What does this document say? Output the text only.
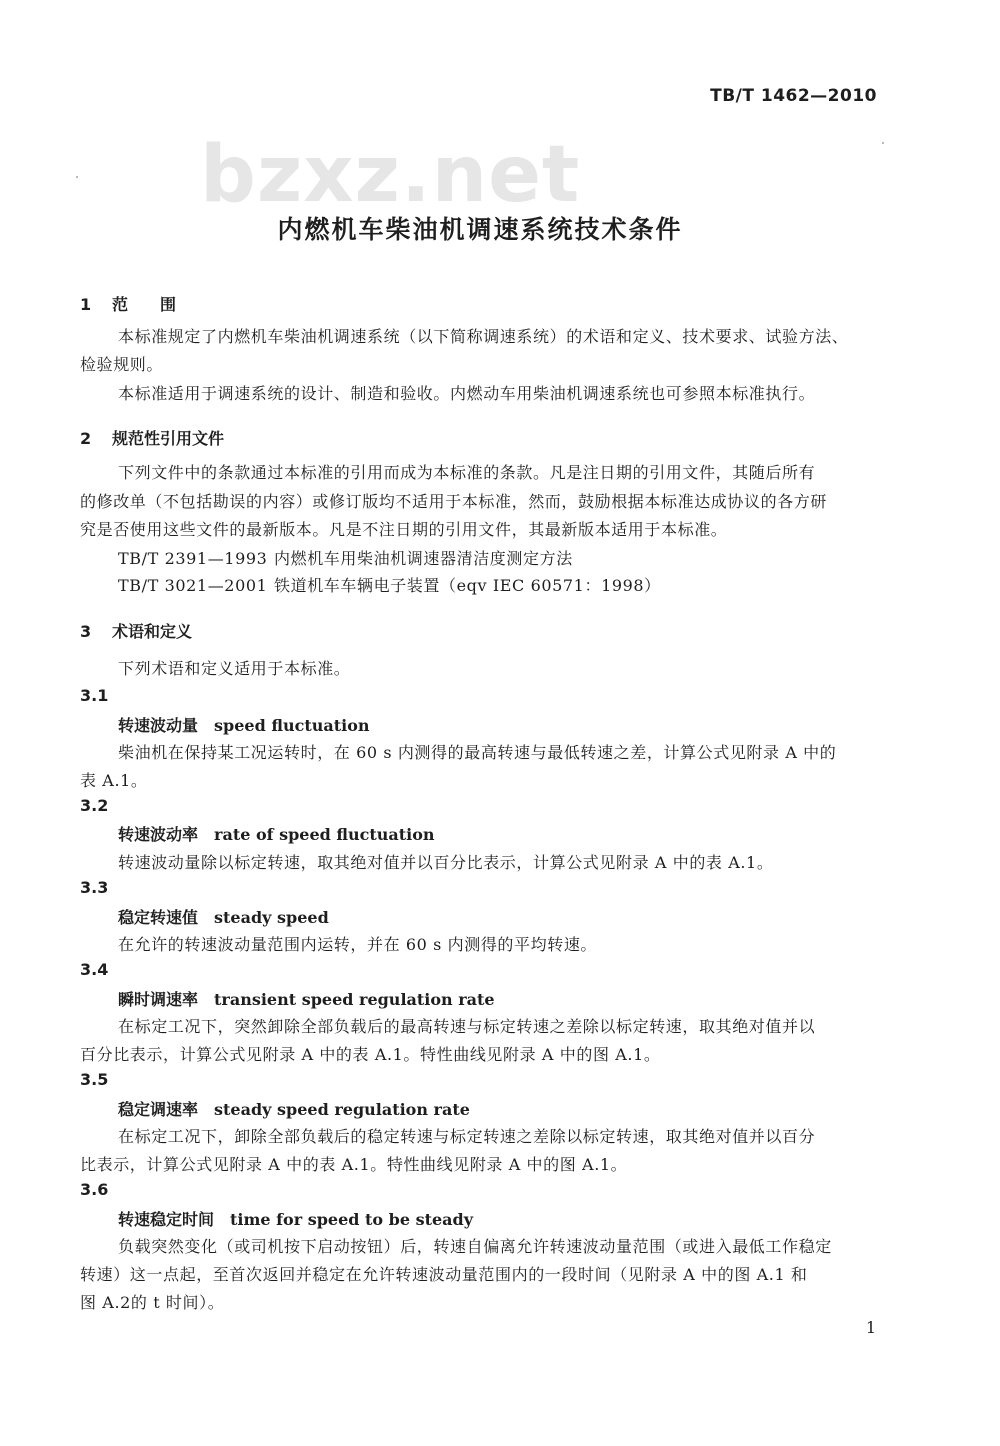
TB/T 1462—2010
bzxz.net
内燃机车柴油机调速系统技术条件
1 范　　围
本标准规定了内燃机车柴油机调速系统（以下简称调速系统）的术语和定义、技术要求、试验方法、
检验规则。
本标准适用于调速系统的设计、制造和验收。内燃动车用柴油机调速系统也可参照本标准执行。
2 规范性引用文件
下列文件中的条款通过本标准的引用而成为本标准的条款。凡是注日期的引用文件，其随后所有
的修改单（不包括勘误的内容）或修订版均不适用于本标准，然而，鼓励根据本标准达成协议的各方研
究是否使用这些文件的最新版本。凡是不注日期的引用文件，其最新版本适用于本标准。
TB/T 2391—1993 内燃机车用柴油机调速器清洁度测定方法
TB/T 3021—2001 铁道机车车辆电子装置（eqv IEC 60571：1998）
3 术语和定义
下列术语和定义适用于本标准。
3.1
转速波动量 speed fluctuation
柴油机在保持某工况运转时，在 60 s 内测得的最高转速与最低转速之差，计算公式见附录 A 中的
表 A.1。
3.2
转速波动率 rate of speed fluctuation
转速波动量除以标定转速，取其绝对值并以百分比表示，计算公式见附录 A 中的表 A.1。
3.3
稳定转速值 steady speed
在允许的转速波动量范围内运转，并在 60 s 内测得的平均转速。
3.4
瞬时调速率 transient speed regulation rate
在标定工况下，突然卸除全部负载后的最高转速与标定转速之差除以标定转速，取其绝对值并以
百分比表示，计算公式见附录 A 中的表 A.1。特性曲线见附录 A 中的图 A.1。
3.5
稳定调速率 steady speed regulation rate
在标定工况下，卸除全部负载后的稳定转速与标定转速之差除以标定转速，取其绝对值并以百分
比表示，计算公式见附录 A 中的表 A.1。特性曲线见附录 A 中的图 A.1。
3.6
转速稳定时间 time for speed to be steady
负载突然变化（或司机按下启动按钮）后，转速自偏离允许转速波动量范围（或进入最低工作稳定
转速）这一点起，至首次返回并稳定在允许转速波动量范围内的一段时间（见附录 A 中的图 A.1 和
图 A.2的 t 时间）。
1
